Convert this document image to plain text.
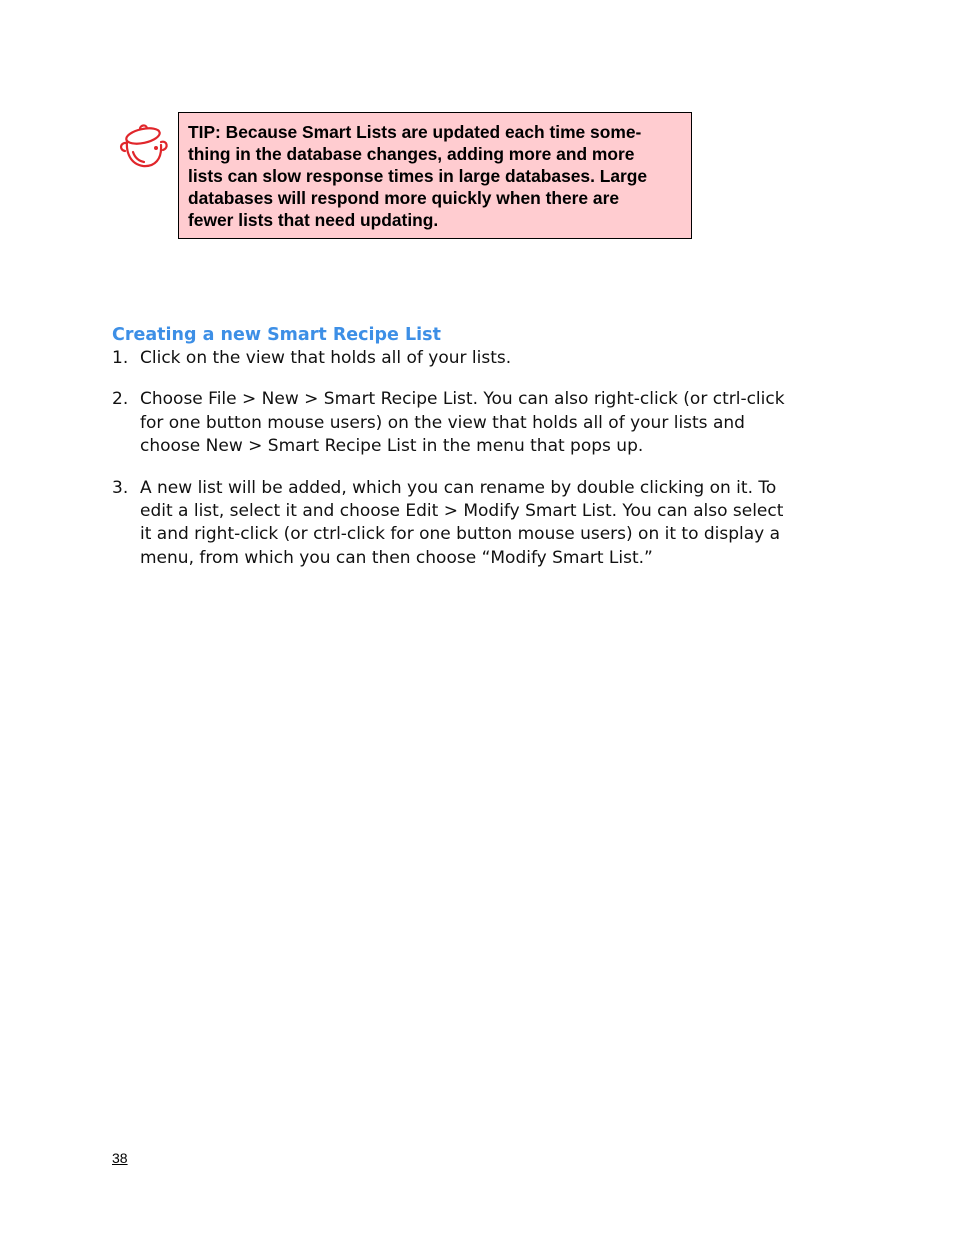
TIP: Because Smart Lists are updated each time some-
thing in the database changes, adding more and more
lists can slow response times in large databases. Large
databases will respond more quickly when there are
fewer lists that need updating.
Creating a new Smart Recipe List
1. Click on the view that holds all of your lists.
2. Choose File > New > Smart Recipe List. You can also right-click (or ctrl-click
for one button mouse users) on the view that holds all of your lists and
choose New > Smart Recipe List in the menu that pops up.
3. A new list will be added, which you can rename by double clicking on it. To
edit a list, select it and choose Edit > Modify Smart List. You can also select
it and right-click (or ctrl-click for one button mouse users) on it to display a
menu, from which you can then choose “Modify Smart List.”
38
